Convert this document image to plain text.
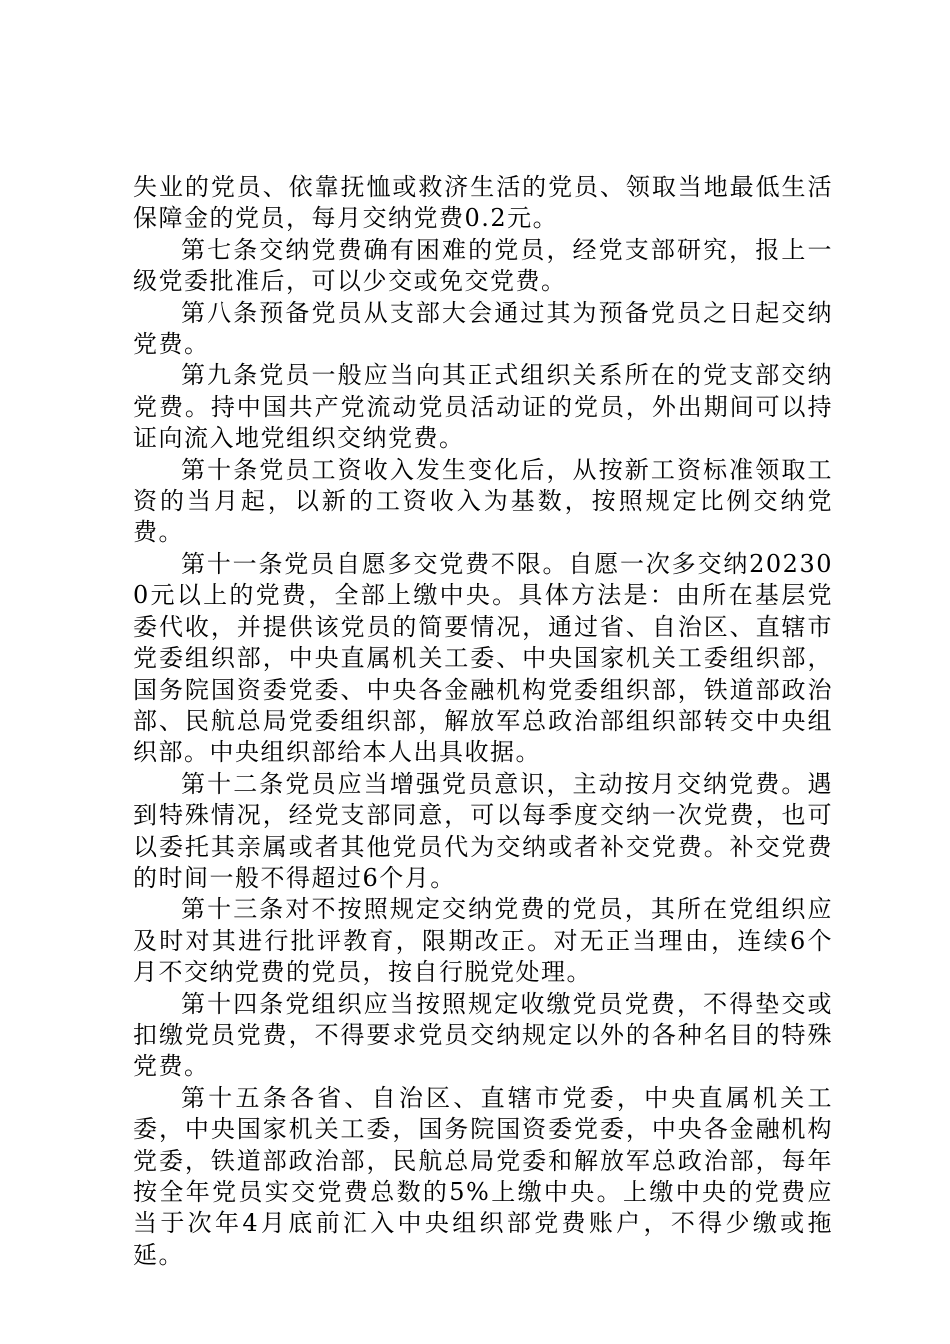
失业的党员、依靠抚恤或救济生活的党员、领取当地最低生活保障金的党员，每月交纳党费0.2元。

第七条交纳党费确有困难的党员，经党支部研究，报上一级党委批准后，可以少交或免交党费。

第八条预备党员从支部大会通过其为预备党员之日起交纳党费。

第九条党员一般应当向其正式组织关系所在的党支部交纳党费。持中国共产党流动党员活动证的党员，外出期间可以持证向流入地党组织交纳党费。

第十条党员工资收入发生变化后，从按新工资标准领取工资的当月起，以新的工资收入为基数，按照规定比例交纳党费。

第十一条党员自愿多交党费不限。自愿一次多交纳202300元以上的党费，全部上缴中央。具体方法是：由所在基层党委代收，并提供该党员的简要情况，通过省、自治区、直辖市党委组织部，中央直属机关工委、中央国家机关工委组织部，国务院国资委党委、中央各金融机构党委组织部，铁道部政治部、民航总局党委组织部，解放军总政治部组织部转交中央组织部。中央组织部给本人出具收据。

第十二条党员应当增强党员意识，主动按月交纳党费。遇到特殊情况，经党支部同意，可以每季度交纳一次党费，也可以委托其亲属或者其他党员代为交纳或者补交党费。补交党费的时间一般不得超过6个月。

第十三条对不按照规定交纳党费的党员，其所在党组织应及时对其进行批评教育，限期改正。对无正当理由，连续6个月不交纳党费的党员，按自行脱党处理。

第十四条党组织应当按照规定收缴党员党费，不得垫交或扣缴党员党费，不得要求党员交纳规定以外的各种名目的特殊党费。

第十五条各省、自治区、直辖市党委，中央直属机关工委，中央国家机关工委，国务院国资委党委，中央各金融机构党委，铁道部政治部，民航总局党委和解放军总政治部，每年按全年党员实交党费总数的5%上缴中央。上缴中央的党费应当于次年4月底前汇入中央组织部党费账户，不得少缴或拖延。
